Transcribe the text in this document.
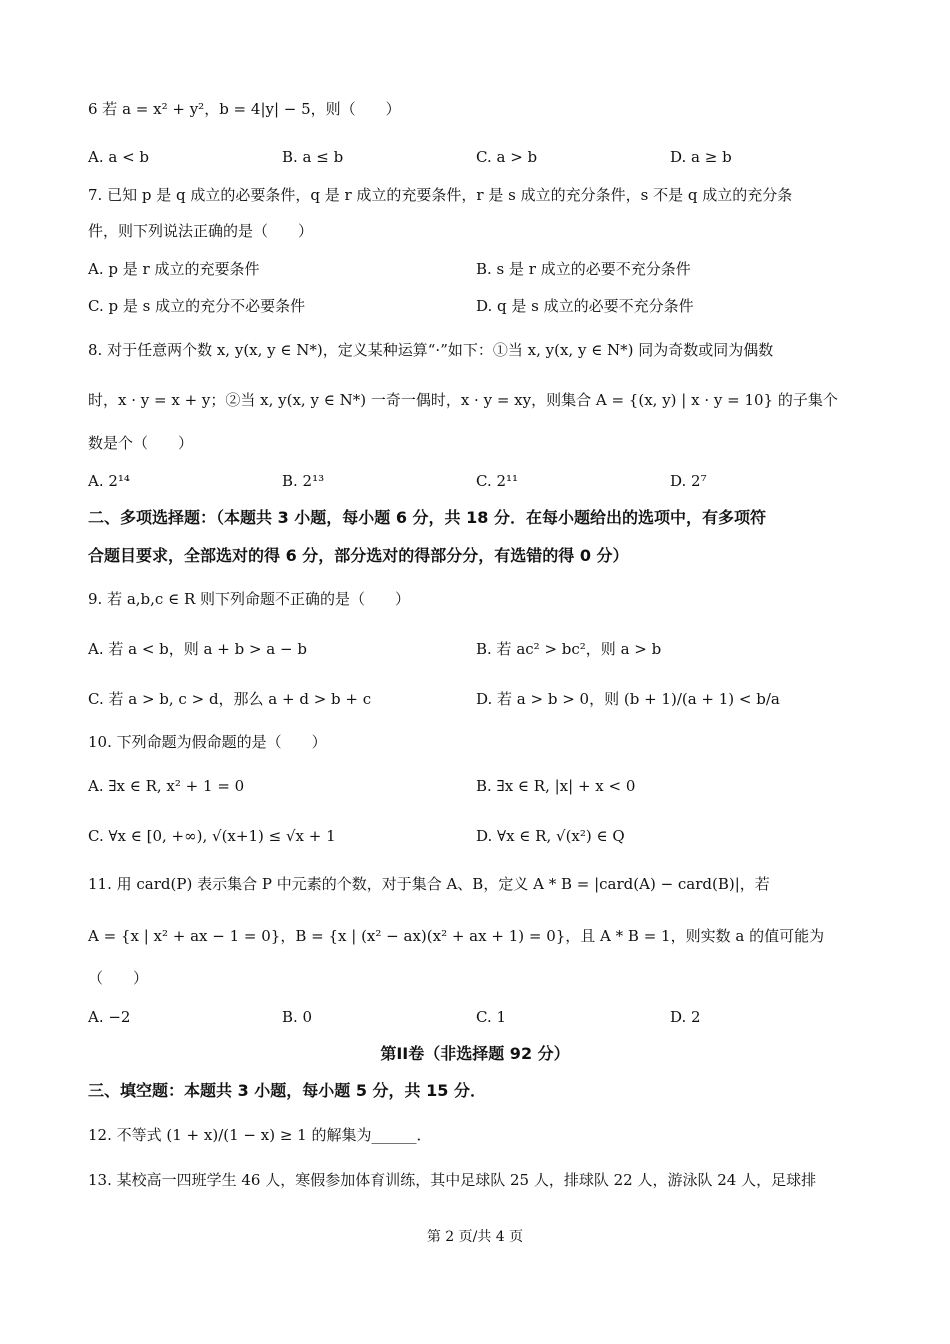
6 若 a = x² + y²，b = 4|y| − 5，则（　　）
A. a < b	B. a ≤ b	C. a > b	D. a ≥ b
7. 已知 p 是 q 成立的必要条件，q 是 r 成立的充要条件，r 是 s 成立的充分条件，s 不是 q 成立的充分条
件，则下列说法正确的是（　　）
A. p 是 r 成立的充要条件	B. s 是 r 成立的必要不充分条件
C. p 是 s 成立的充分不必要条件	D. q 是 s 成立的必要不充分条件
8. 对于任意两个数 x, y(x, y ∈ N*)，定义某种运算“·”如下：①当 x, y(x, y ∈ N*) 同为奇数或同为偶数
时，x · y = x + y；②当 x, y(x, y ∈ N*) 一奇一偶时，x · y = xy，则集合 A = {(x, y) | x · y = 10} 的子集个
数是个（　　）
A. 2¹⁴	B. 2¹³	C. 2¹¹	D. 2⁷
二、多项选择题：（本题共 3 小题，每小题 6 分，共 18 分．在每小题给出的选项中，有多项符
合题目要求，全部选对的得 6 分，部分选对的得部分分，有选错的得 0 分）
9. 若 a,b,c ∈ R 则下列命题不正确的是（　　）
A. 若 a < b，则 a + b > a − b	B. 若 ac² > bc²，则 a > b
C. 若 a > b, c > d，那么 a + d > b + c	D. 若 a > b > 0，则 (b + 1)/(a + 1) < b/a
10. 下列命题为假命题的是（　　）
A. ∃x ∈ R, x² + 1 = 0	B. ∃x ∈ R, |x| + x < 0
C. ∀x ∈ [0, +∞), √(x+1) ≤ √x + 1	D. ∀x ∈ R, √(x²) ∈ Q
11. 用 card(P) 表示集合 P 中元素的个数，对于集合 A、B，定义 A * B = |card(A) − card(B)|，若
A = {x | x² + ax − 1 = 0}，B = {x | (x² − ax)(x² + ax + 1) = 0}，且 A * B = 1，则实数 a 的值可能为
（　　）
A. −2	B. 0	C. 1	D. 2
第II卷（非选择题 92 分）
三、填空题：本题共 3 小题，每小题 5 分，共 15 分．
12. 不等式 (1 + x)/(1 − x) ≥ 1 的解集为______．
13. 某校高一四班学生 46 人，寒假参加体育训练，其中足球队 25 人，排球队 22 人，游泳队 24 人，足球排
第 2 页/共 4 页
